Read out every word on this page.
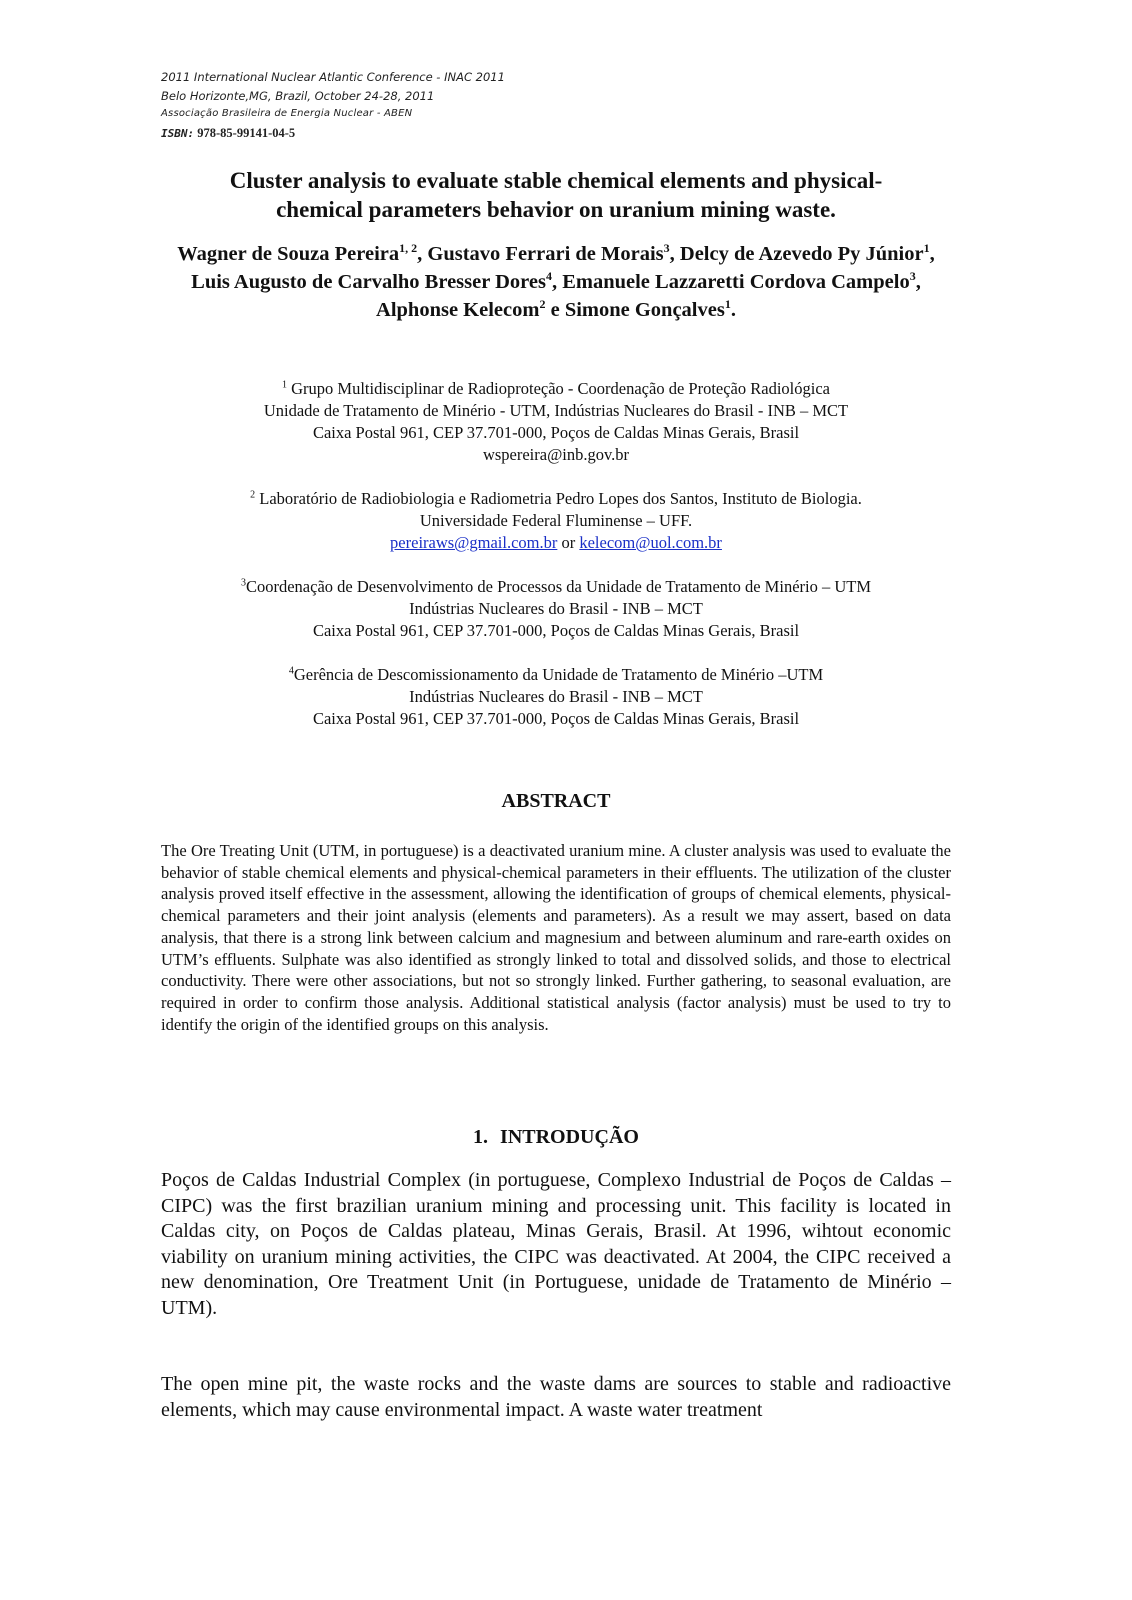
2011 International Nuclear Atlantic Conference - INAC 2011
Belo Horizonte,MG, Brazil, October 24-28, 2011
Associação Brasileira de Energia Nuclear - ABEN
ISBN: 978-85-99141-04-5
Cluster analysis to evaluate stable chemical elements and physical-
chemical parameters behavior on uranium mining waste.
Wagner de Souza Pereira$^{1, 2}$, Gustavo Ferrari de Morais$^3$, Delcy de Azevedo Py Júnior$^1$, Luis Augusto de Carvalho Bresser Dores$^4$, Emanuele Lazzaretti Cordova Campelo$^3$, Alphonse Kelecom$^2$ e Simone Gonçalves$^1$.
$^1$ Grupo Multidisciplinar de Radioproteção - Coordenação de Proteção Radiológica
Unidade de Tratamento de Minério - UTM, Indústrias Nucleares do Brasil - INB – MCT
Caixa Postal 961, CEP 37.701-000, Poços de Caldas Minas Gerais, Brasil
wspereira@inb.gov.br
$^2$ Laboratório de Radiobiologia e Radiometria Pedro Lopes dos Santos, Instituto de Biologia.
Universidade Federal Fluminense – UFF.
pereiraws@gmail.com.br or kelecom@uol.com.br
$^3$Coordenação de Desenvolvimento de Processos da Unidade de Tratamento de Minério – UTM
Indústrias Nucleares do Brasil - INB – MCT
Caixa Postal 961, CEP 37.701-000, Poços de Caldas Minas Gerais, Brasil
$^4$Gerência de Descomissionamento da Unidade de Tratamento de Minério –UTM
Indústrias Nucleares do Brasil - INB – MCT
Caixa Postal 961, CEP 37.701-000, Poços de Caldas Minas Gerais, Brasil
ABSTRACT

The Ore Treating Unit (UTM, in portuguese) is a deactivated uranium mine. A cluster analysis was used to evaluate the behavior of stable chemical elements and physical-chemical parameters in their effluents. The utilization of the cluster analysis proved itself effective in the assessment, allowing the identification of groups of chemical elements, physical-chemical parameters and their joint analysis (elements and parameters). As a result we may assert, based on data analysis, that there is a strong link between calcium and magnesium and between aluminum and rare-earth oxides on UTM’s effluents. Sulphate was also identified as strongly linked to total and dissolved solids, and those to electrical conductivity. There were other associations, but not so strongly linked. Further gathering, to seasonal evaluation, are required in order to confirm those analysis. Additional statistical analysis (factor analysis) must be used to try to identify the origin of the identified groups on this analysis.

1. INTRODUÇÃO

Poços de Caldas Industrial Complex (in portuguese, Complexo Industrial de Poços de Caldas – CIPC) was the first brazilian uranium mining and processing unit. This facility is located in Caldas city, on Poços de Caldas plateau, Minas Gerais, Brasil. At 1996, wihtout economic viability on uranium mining activities, the CIPC was deactivated. At 2004, the CIPC received a new denomination, Ore Treatment Unit (in Portuguese, unidade de Tratamento de Minério – UTM).

The open mine pit, the waste rocks and the waste dams are sources to stable and radioactive elements, which may cause environmental impact. A waste water treatment
